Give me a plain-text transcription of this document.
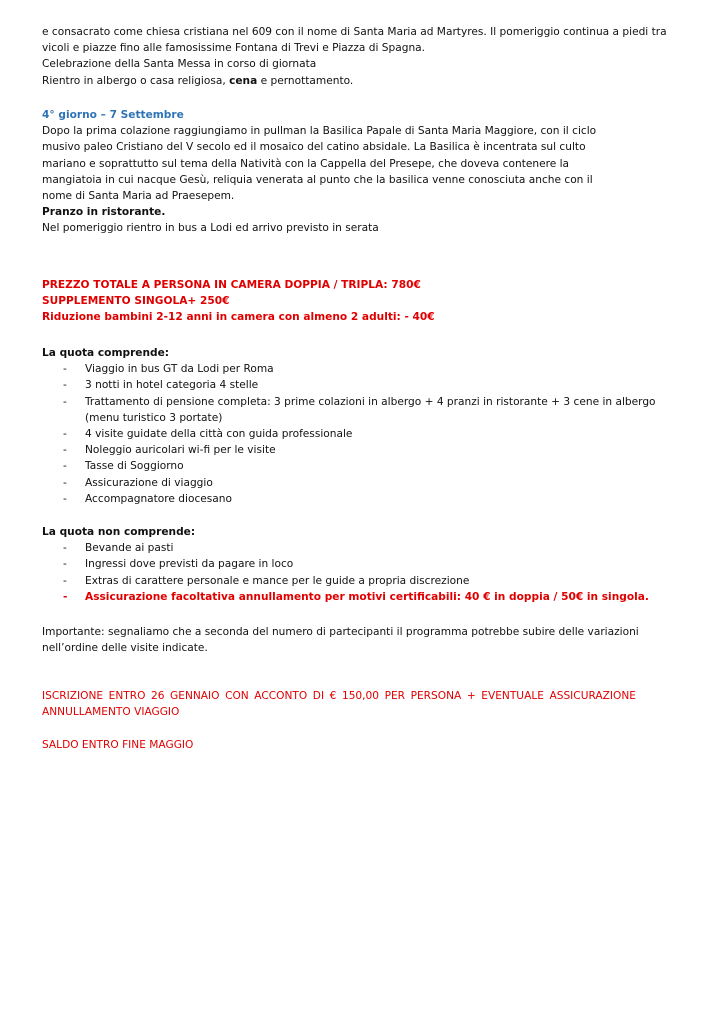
e consacrato come chiesa cristiana nel 609 con il nome di Santa Maria ad Martyres. Il pomeriggio continua a piedi tra
vicoli e piazze fino alle famosissime Fontana di Trevi e Piazza di Spagna.
Celebrazione della Santa Messa in corso di giornata
Rientro in albergo o casa religiosa, cena e pernottamento.
4° giorno – 7 Settembre
Dopo la prima colazione raggiungiamo in pullman la Basilica Papale di Santa Maria Maggiore, con il ciclo
musivo paleo Cristiano del V secolo ed il mosaico del catino absidale. La Basilica è incentrata sul culto
mariano e soprattutto sul tema della Natività con la Cappella del Presepe, che doveva contenere la
mangiatoia in cui nacque Gesù, reliquia venerata al punto che la basilica venne conosciuta anche con il
nome di Santa Maria ad Praesepem.
Pranzo in ristorante.
Nel pomeriggio rientro in bus a Lodi ed arrivo previsto in serata
PREZZO TOTALE A PERSONA IN CAMERA DOPPIA / TRIPLA: 780€
SUPPLEMENTO SINGOLA+ 250€
Riduzione bambini 2-12 anni in camera con almeno 2 adulti: - 40€
La quota comprende:
- Viaggio in bus GT da Lodi per Roma
- 3 notti in hotel categoria 4 stelle
- Trattamento di pensione completa: 3 prime colazioni in albergo + 4 pranzi in ristorante + 3 cene in albergo
(menu turistico 3 portate)
- 4 visite guidate della città con guida professionale
- Noleggio auricolari wi-fi per le visite
- Tasse di Soggiorno
- Assicurazione di viaggio
- Accompagnatore diocesano
La quota non comprende:
- Bevande ai pasti
- Ingressi dove previsti da pagare in loco
- Extras di carattere personale e mance per le guide a propria discrezione
- Assicurazione facoltativa annullamento per motivi certificabili: 40 € in doppia / 50€ in singola.
Importante: segnaliamo che a seconda del numero di partecipanti il programma potrebbe subire delle variazioni
nell’ordine delle visite indicate.
ISCRIZIONE ENTRO 26 GENNAIO CON ACCONTO DI € 150,00 PER PERSONA + EVENTUALE ASSICURAZIONE
ANNULLAMENTO VIAGGIO
SALDO ENTRO FINE MAGGIO
